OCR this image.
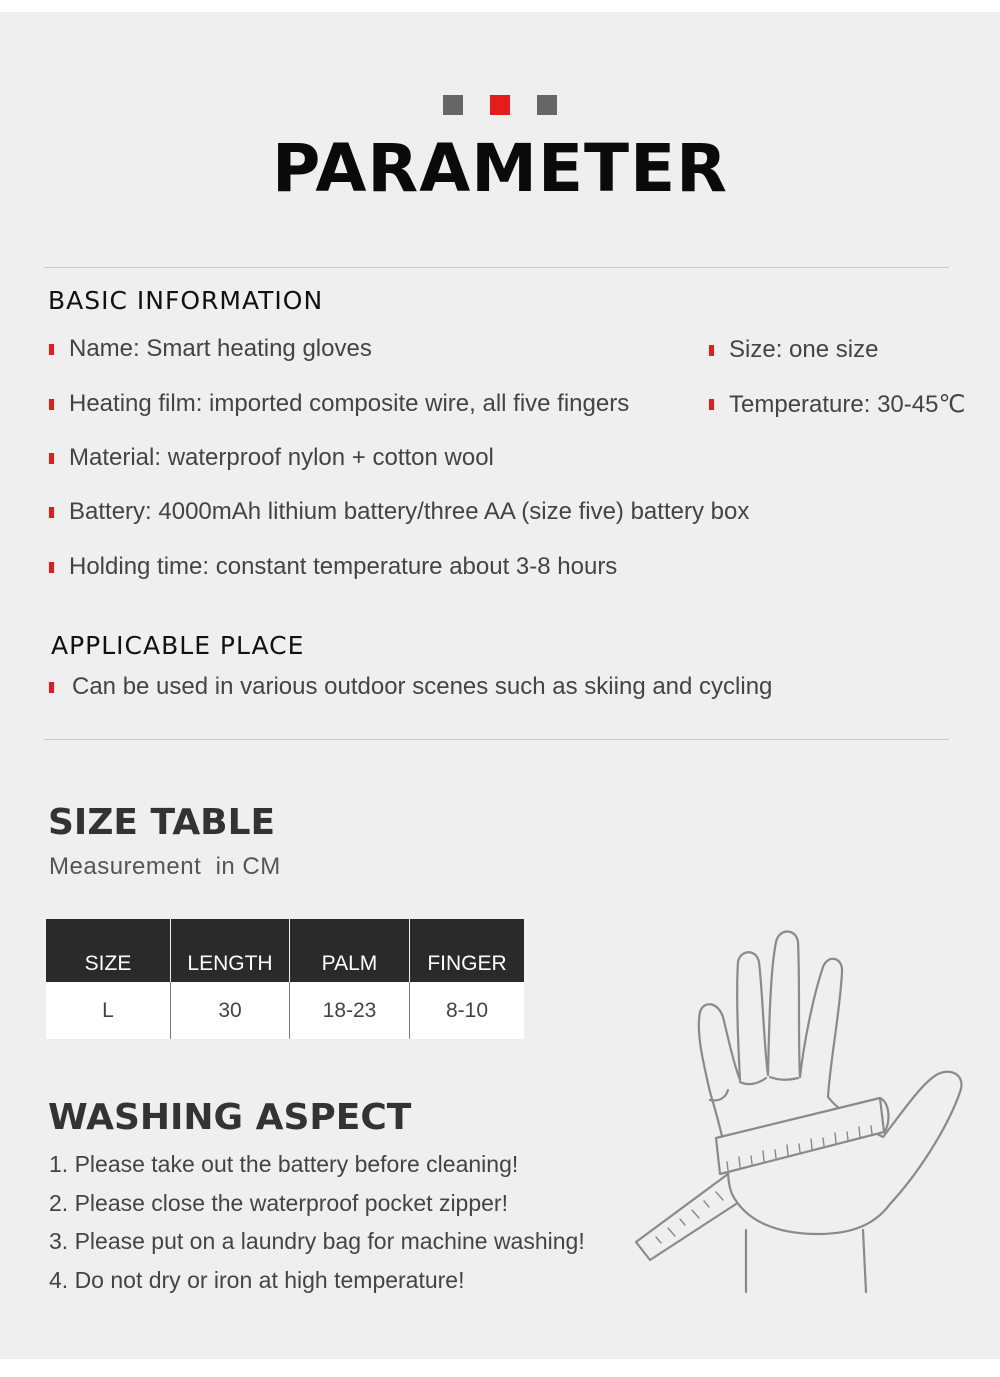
PARAMETER
BASIC INFORMATION
Name: Smart heating gloves
Heating film: imported composite wire, all five fingers
Material: waterproof nylon + cotton wool
Battery: 4000mAh lithium battery/three AA (size five) battery box
Holding time: constant temperature about 3-8 hours
Size: one size
Temperature: 30-45℃
APPLICABLE PLACE
Can be used in various outdoor scenes such as skiing and cycling
SIZE TABLE
Measurement  in CM
SIZE	LENGTH	PALM	FINGER
L	30	18-23	8-10
WASHING ASPECT
1. Please take out the battery before cleaning!
2. Please close the waterproof pocket zipper!
3. Please put on a laundry bag for machine washing!
4. Do not dry or iron at high temperature!
